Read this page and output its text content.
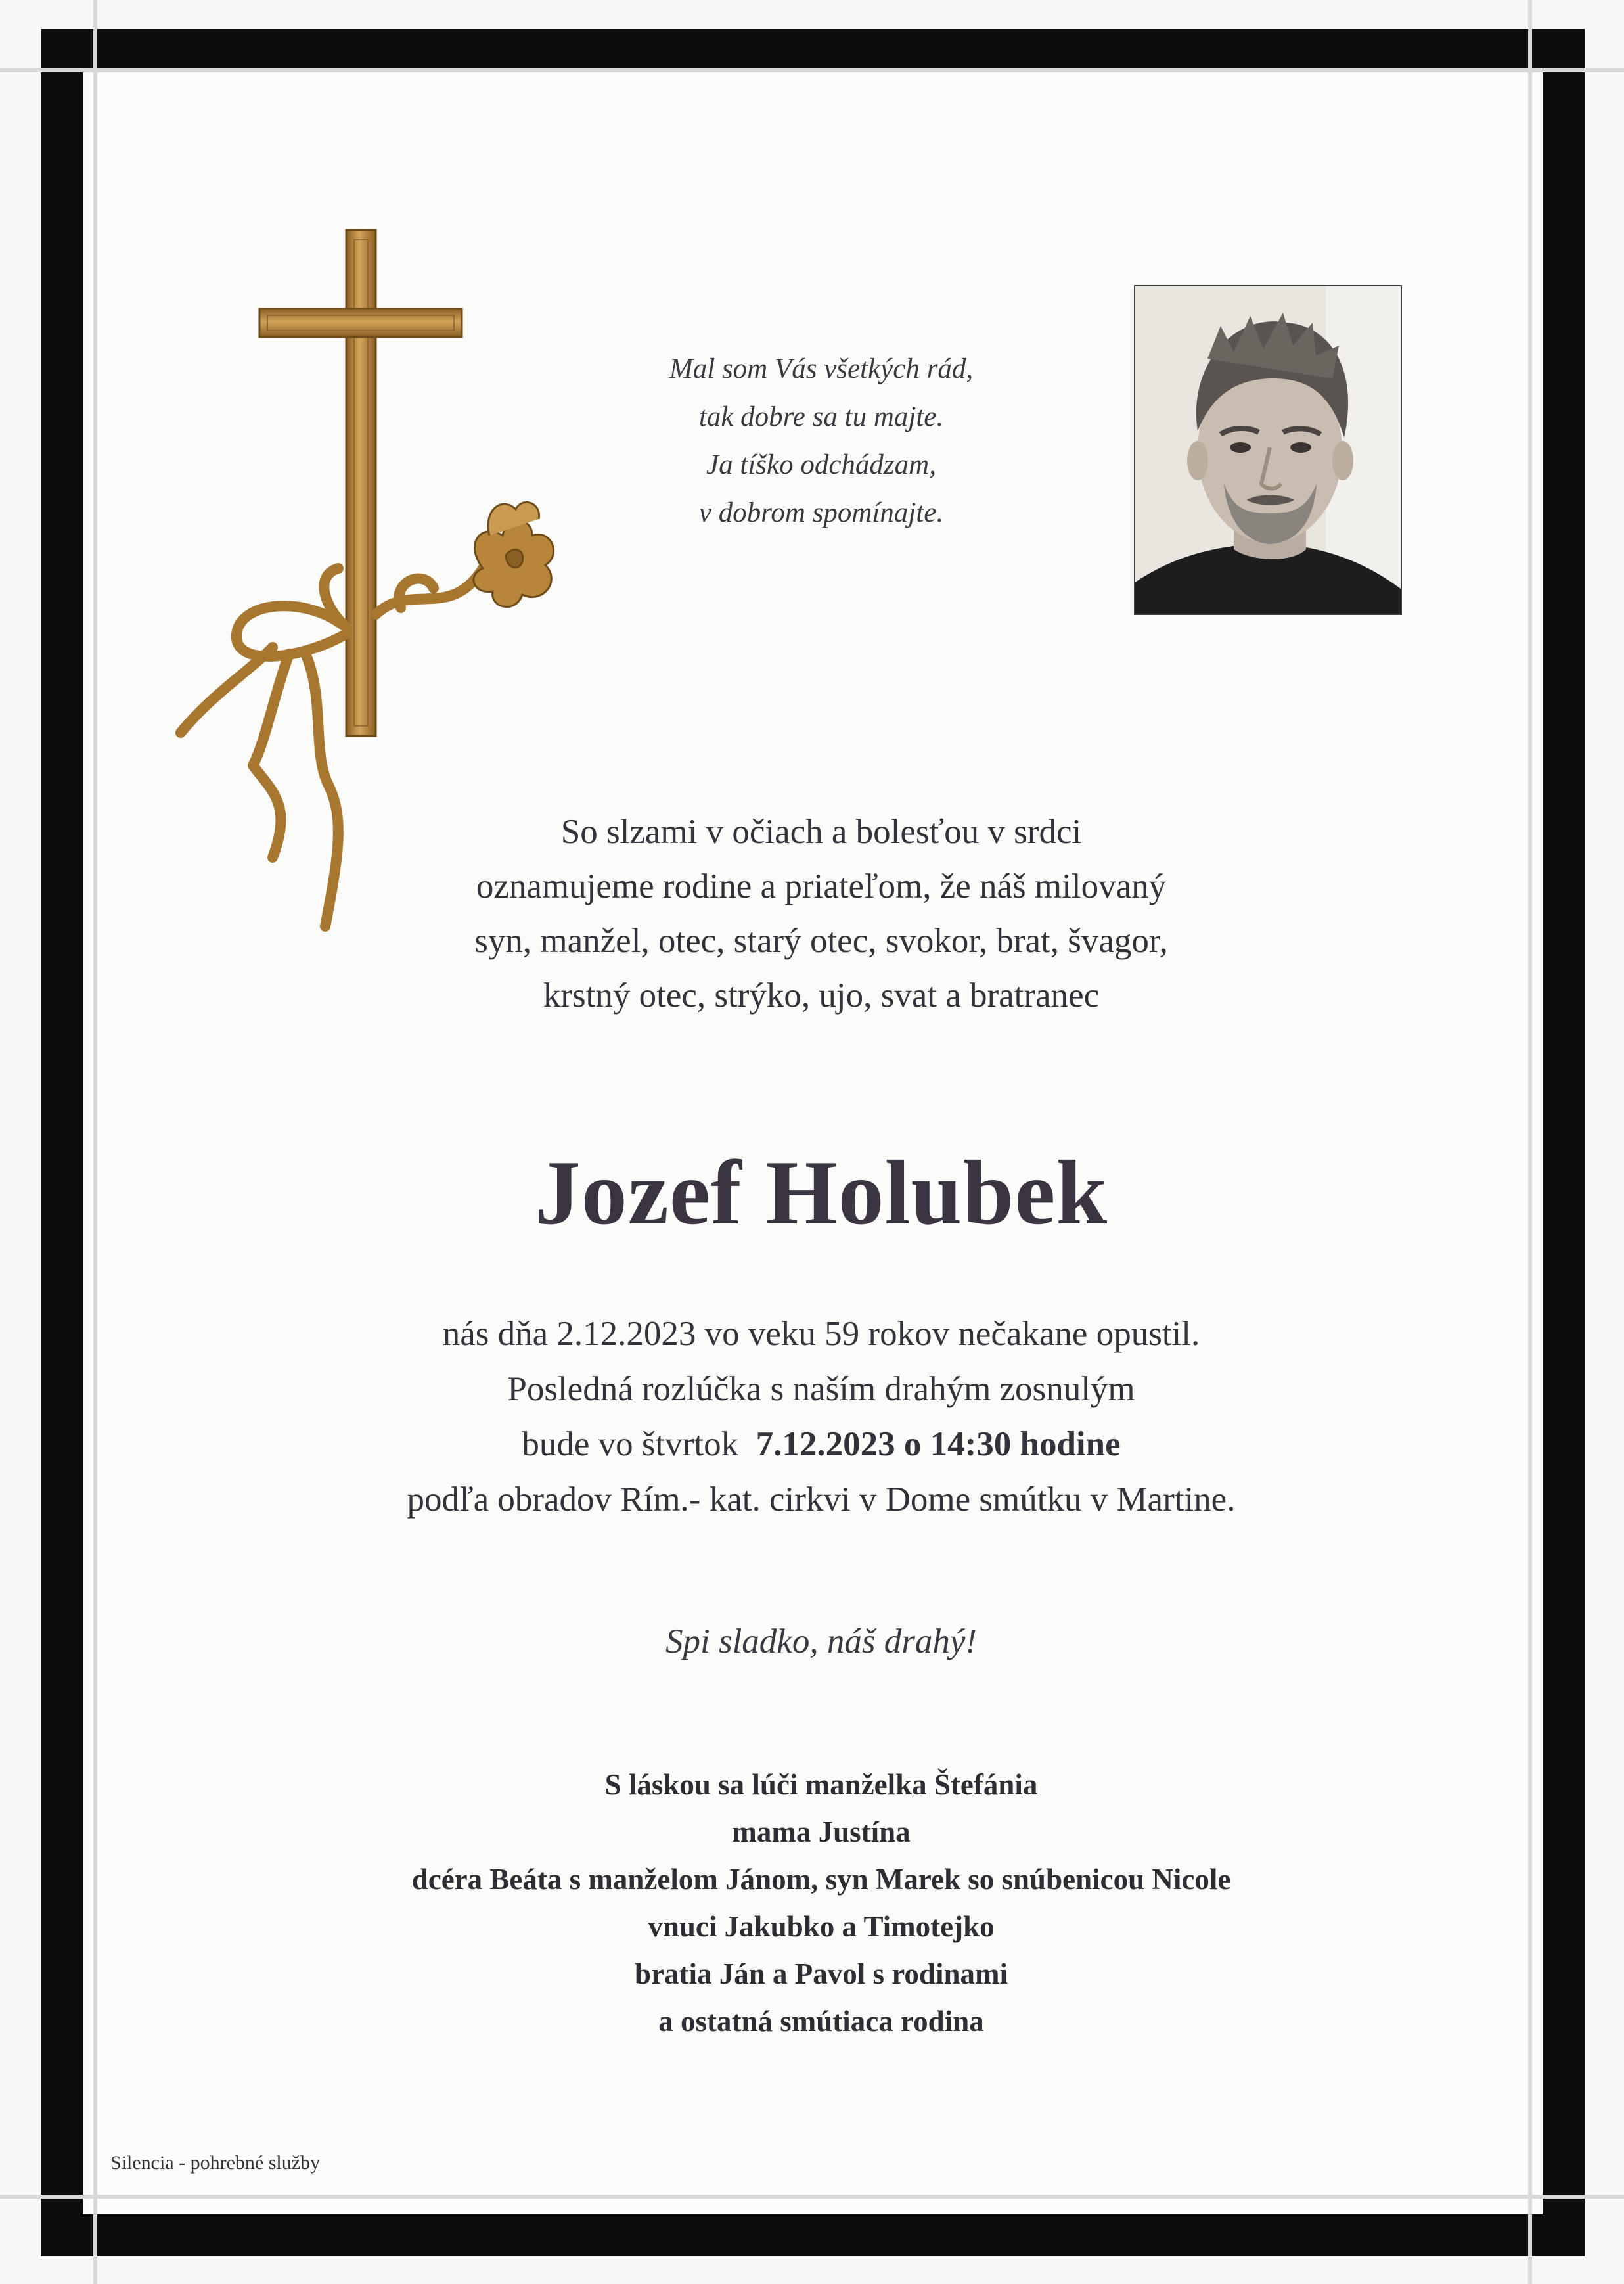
Mal som Vás všetkých rád,
tak dobre sa tu majte.
Ja tíško odchádzam,
v dobrom spomínajte.
So slzami v očiach a bolesťou v srdci
oznamujeme rodine a priateľom, že náš milovaný
syn, manžel, otec, starý otec, svokor, brat, švagor,
krstný otec, strýko, ujo, svat a bratranec
Jozef Holubek
nás dňa 2.12.2023 vo veku 59 rokov nečakane opustil.
Posledná rozlúčka s naším drahým zosnulým
bude vo štvrtok 7.12.2023 o 14:30 hodine
podľa obradov Rím.- kat. cirkvi v Dome smútku v Martine.
Spi sladko, náš drahý!
S láskou sa lúči manželka Štefánia
mama Justína
dcéra Beáta s manželom Jánom, syn Marek so snúbenicou Nicole
vnuci Jakubko a Timotejko
bratia Ján a Pavol s rodinami
a ostatná smútiaca rodina
Silencia - pohrebné služby
